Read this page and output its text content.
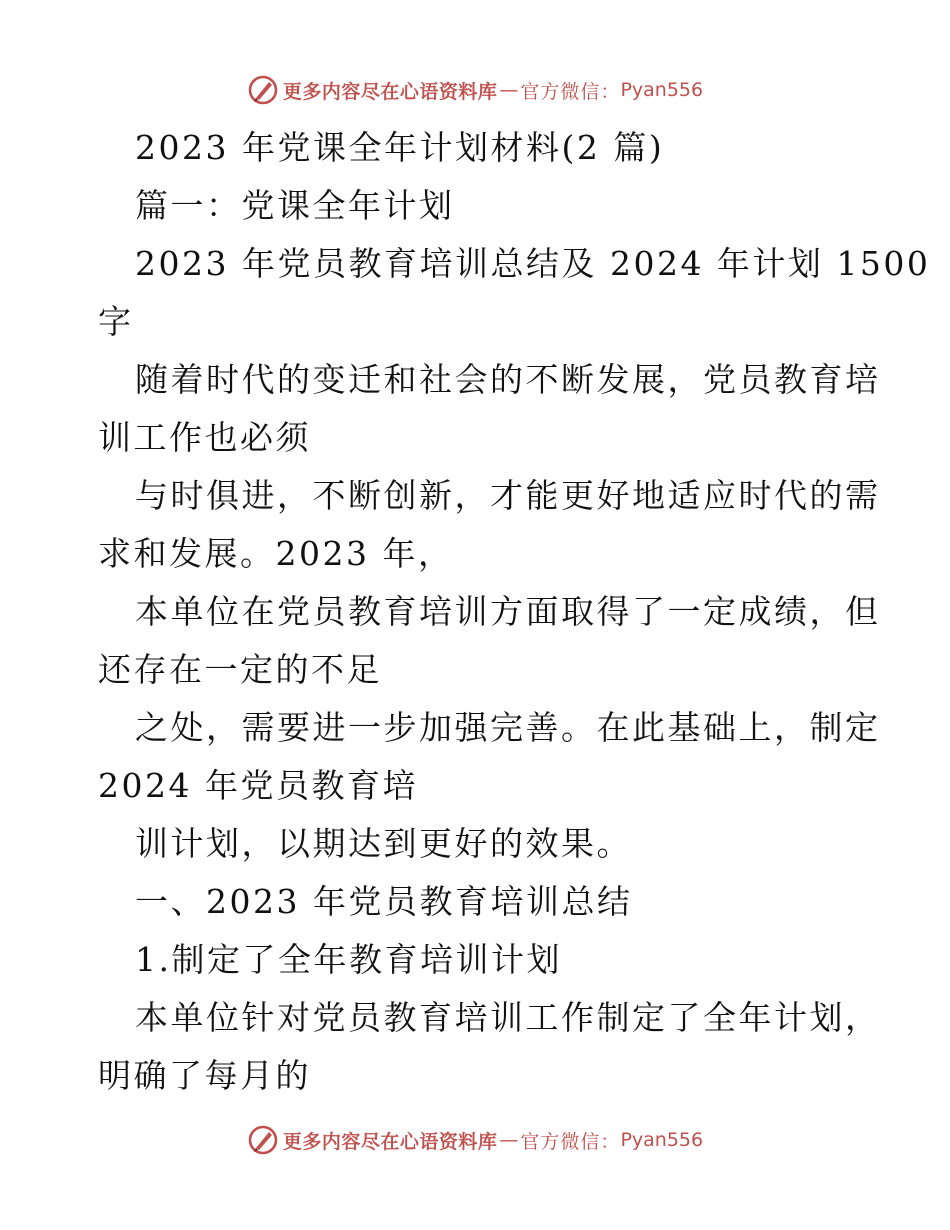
更多内容尽在心语资料库 — 官方微信： Pyan556
2023 年党课全年计划材料(2 篇)
篇一：党课全年计划
2023 年党员教育培训总结及 2024 年计划 1500
字
随着时代的变迁和社会的不断发展，党员教育培
训工作也必须
与时俱进，不断创新，才能更好地适应时代的需
求和发展。2023 年，
本单位在党员教育培训方面取得了一定成绩，但
还存在一定的不足
之处，需要进一步加强完善。在此基础上，制定
2024 年党员教育培
训计划，以期达到更好的效果。
一、2023 年党员教育培训总结
1.制定了全年教育培训计划
本单位针对党员教育培训工作制定了全年计划，
明确了每月的
更多内容尽在心语资料库 — 官方微信： Pyan556
